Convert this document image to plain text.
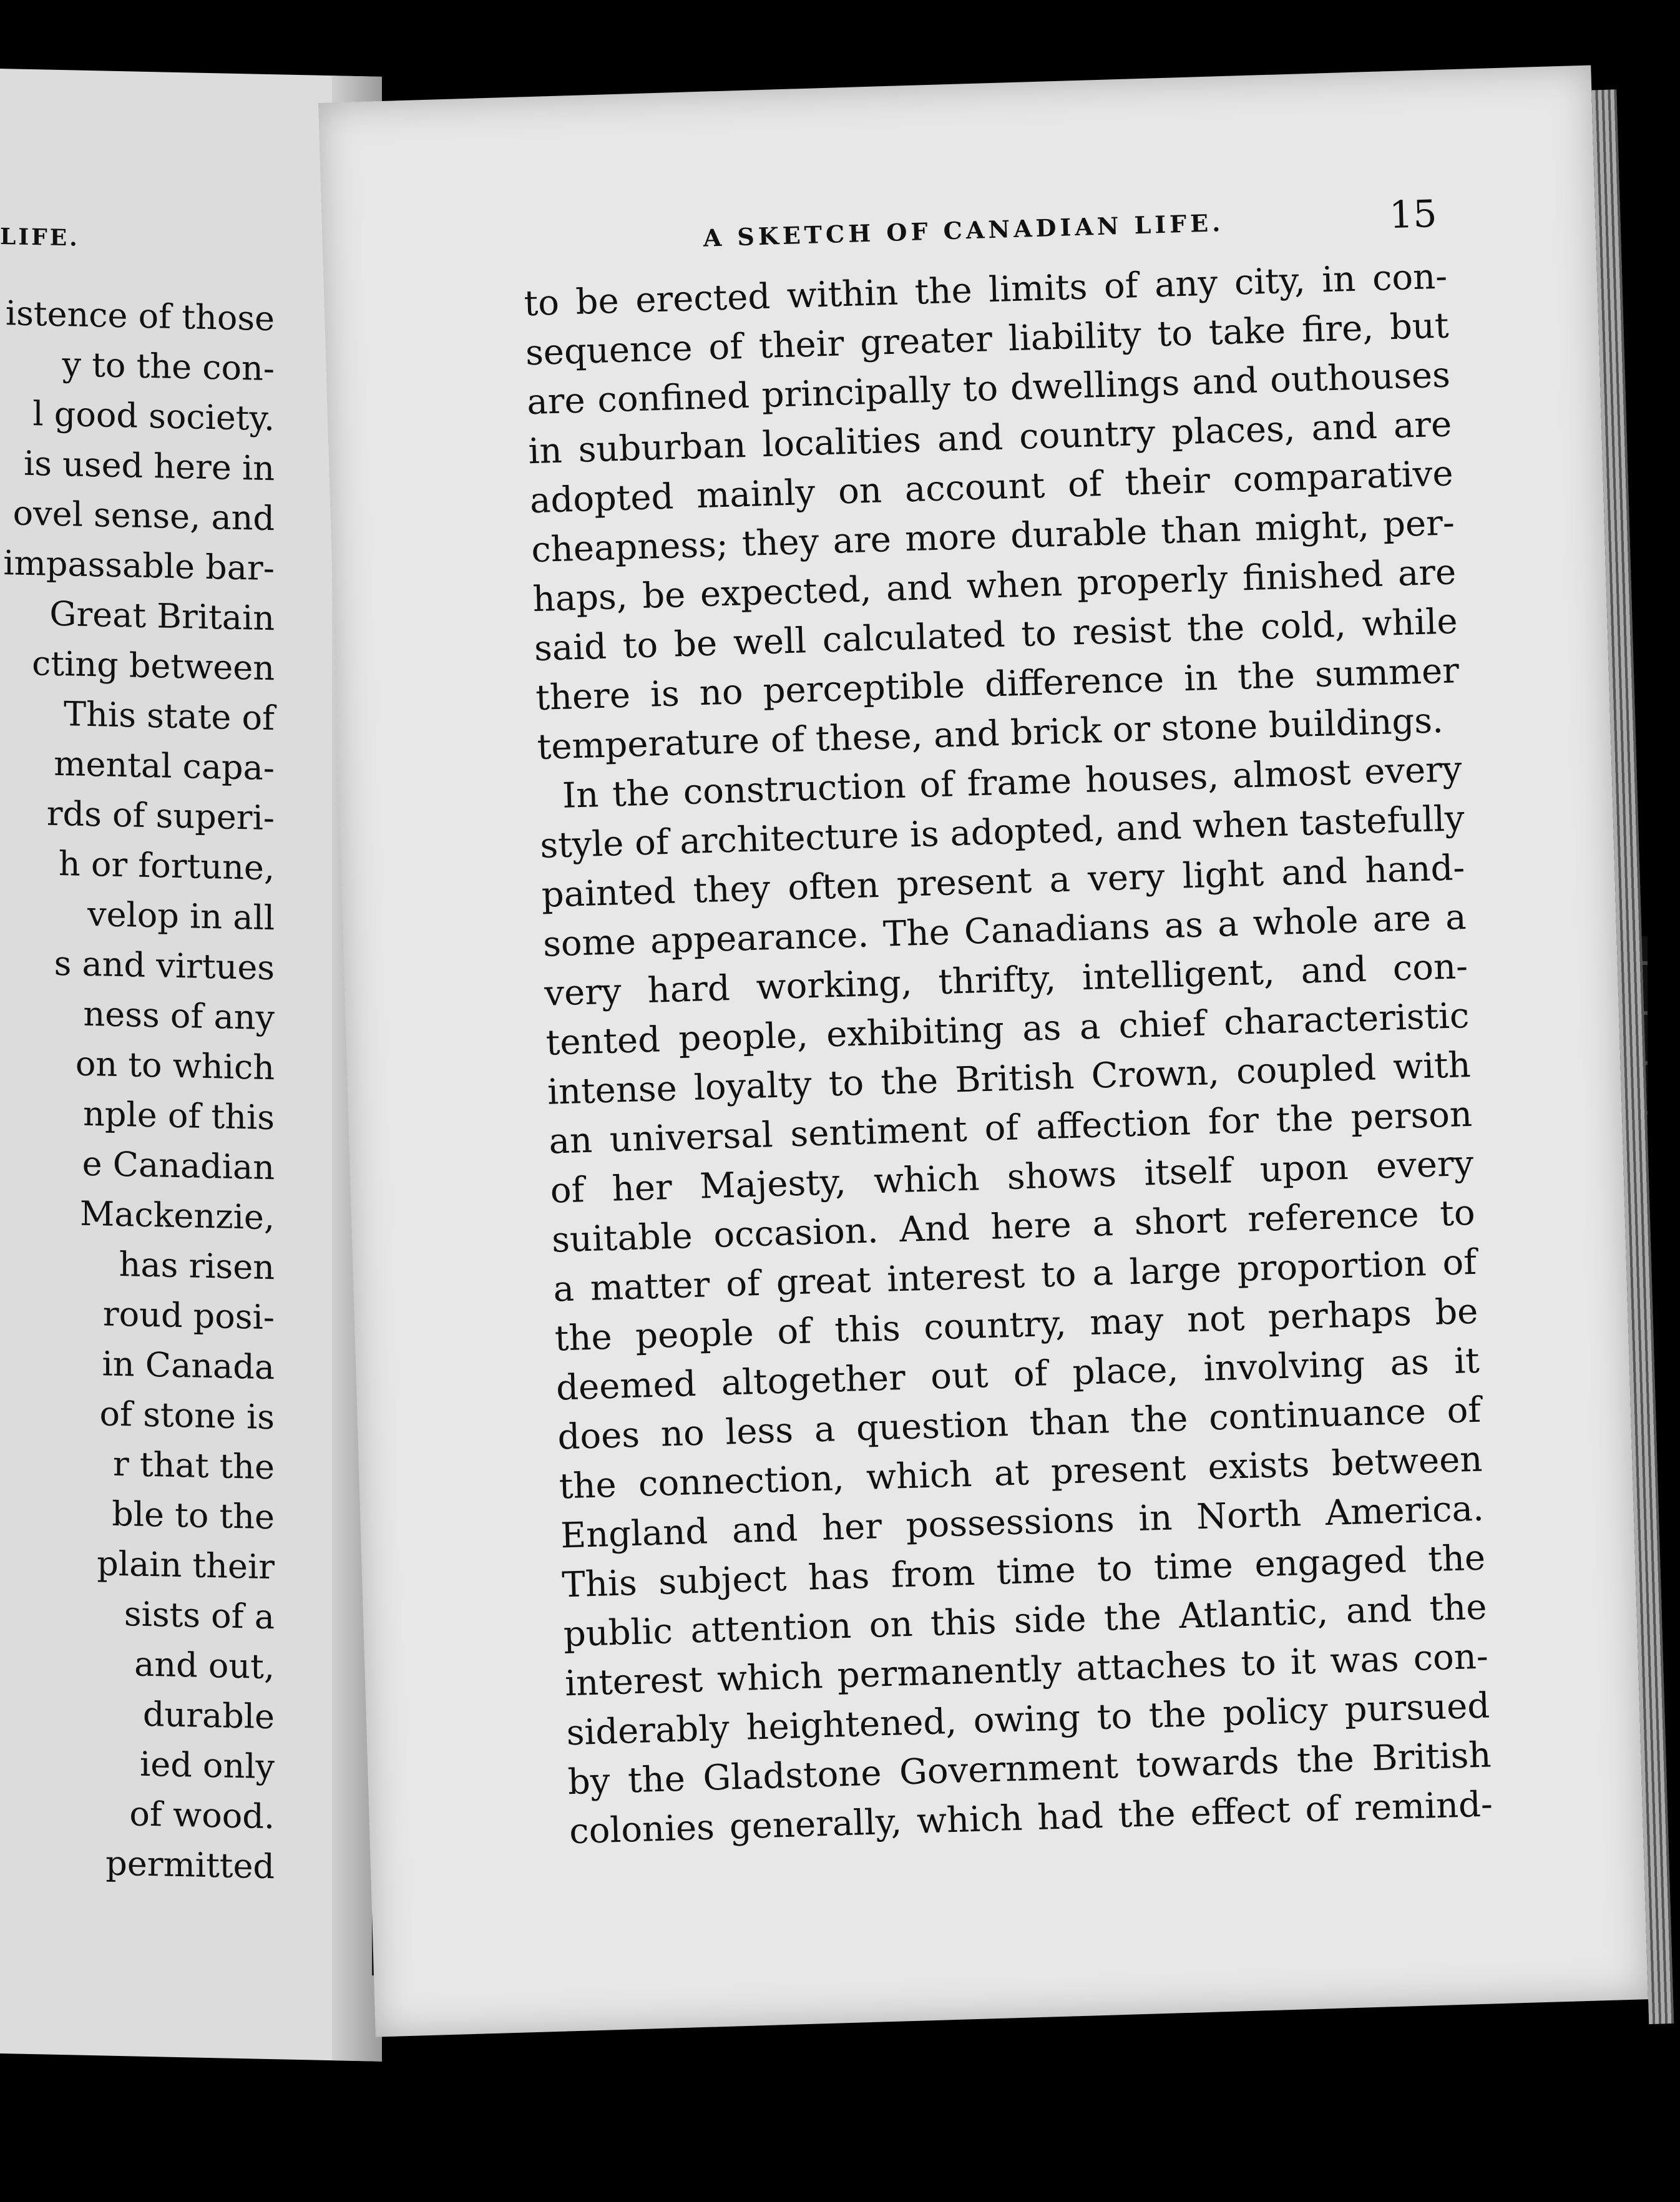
LIFE.
istence of those
y to the con-
l good society.
is used here in
ovel sense, and
impassable bar-
Great Britain
cting between
This state of
mental capa-
rds of superi-
h or fortune,
velop in all
s and virtues
ness of any
on to which
nple of this
e Canadian
Mackenzie,
has risen
roud posi-
in Canada
of stone is
r that the
ble to the
plain their
sists of a
and out,
durable
ied only
of wood.
permitted
A SKETCH OF CANADIAN LIFE.	15
to be erected within the limits of any city, in con-
sequence of their greater liability to take fire, but
are confined principally to dwellings and outhouses
in suburban localities and country places, and are
adopted mainly on account of their comparative
cheapness; they are more durable than might, per-
haps, be expected, and when properly finished are
said to be well calculated to resist the cold, while
there is no perceptible difference in the summer
temperature of these, and brick or stone buildings.
In the construction of frame houses, almost every
style of architecture is adopted, and when tastefully
painted they often present a very light and hand-
some appearance. The Canadians as a whole are a
very hard working, thrifty, intelligent, and con-
tented people, exhibiting as a chief characteristic
intense loyalty to the British Crown, coupled with
an universal sentiment of affection for the person
of her Majesty, which shows itself upon every
suitable occasion. And here a short reference to
a matter of great interest to a large proportion of
the people of this country, may not perhaps be
deemed altogether out of place, involving as it
does no less a question than the continuance of
the connection, which at present exists between
England and her possessions in North America.
This subject has from time to time engaged the
public attention on this side the Atlantic, and the
interest which permanently attaches to it was con-
siderably heightened, owing to the policy pursued
by the Gladstone Government towards the British
colonies generally, which had the effect of remind-
